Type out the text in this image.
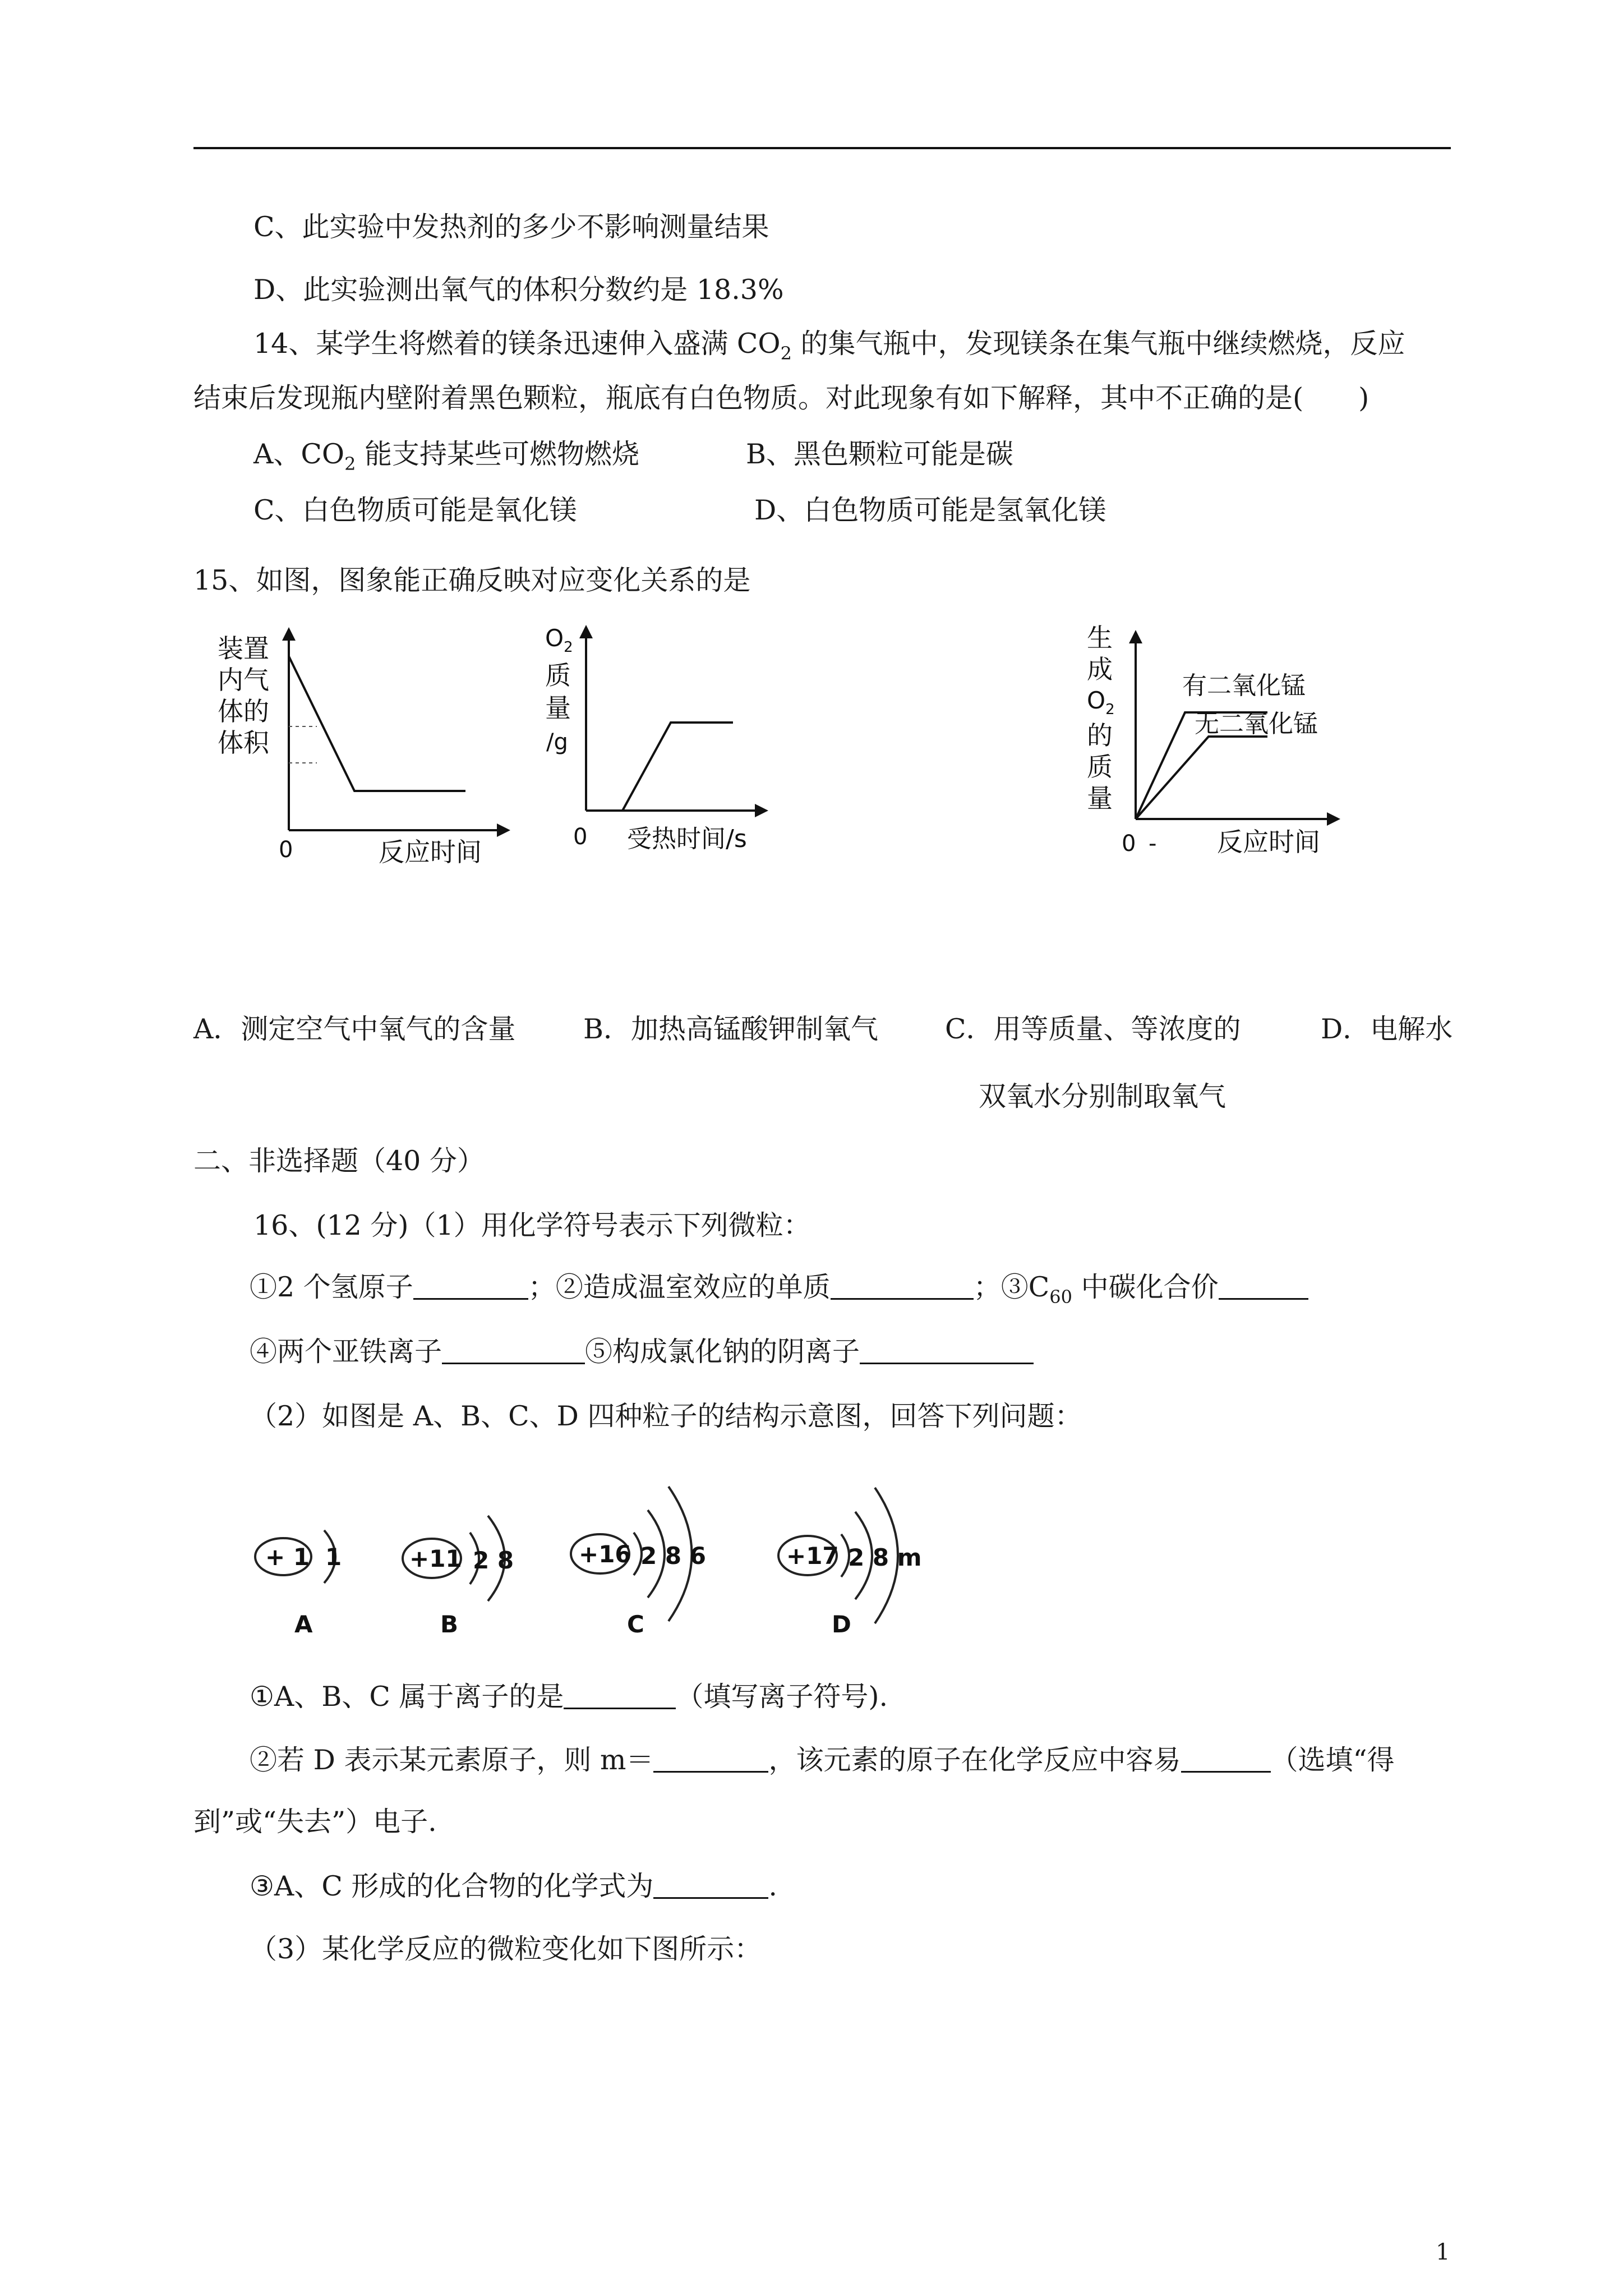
C、此实验中发热剂的多少不影响测量结果
D、此实验测出氧气的体积分数约是 18.3%
14、某学生将燃着的镁条迅速伸入盛满 $CO_2$ 的集气瓶中，发现镁条在集气瓶中继续燃烧，反应
结束后发现瓶内壁附着黑色颗粒，瓶底有白色物质。对此现象有如下解释，其中不正确的是(　　)
A、$CO_2$ 能支持某些可燃物燃烧	B、黑色颗粒可能是碳
C、白色物质可能是氧化镁	D、白色物质可能是氢氧化镁
15、如图，图象能正确反映对应变化关系的是
装置
内气
体的
体积
0	反应时间
$O_2$
质
量
/g
0 受热时间/s
生
成
$O_2$
的
质
量
有二氧化锰
无二氧化锰
0 - 反应时间
A．测定空气中氧气的含量 B．加热高锰酸钾制氧气 C．用等质量、等浓度的	D．电解水
双氧水分别制取氧气
二、非选择题（40 分）
16、(12 分)（1）用化学符号表示下列微粒：
①2 个氢原子	；②造成温室效应的单质	；$③C_{60}$ 中碳化合价
④两个亚铁离子	⑤构成氯化钠的阴离子
（2）如图是 A、B、C、D 四种粒子的结构示意图，回答下列问题：
+ 1 1
A
+11 2 8
B
+16 2 8 6
C
+17 2 8 m
D
①A、B、C 属于离子的是	（填写离子符号).
②若 D 表示某元素原子，则 m＝	，该元素的原子在化学反应中容易	（选填“得
到”或“失去”）电子.
③A、C 形成的化合物的化学式为	.
（3）某化学反应的微粒变化如下图所示：
1
